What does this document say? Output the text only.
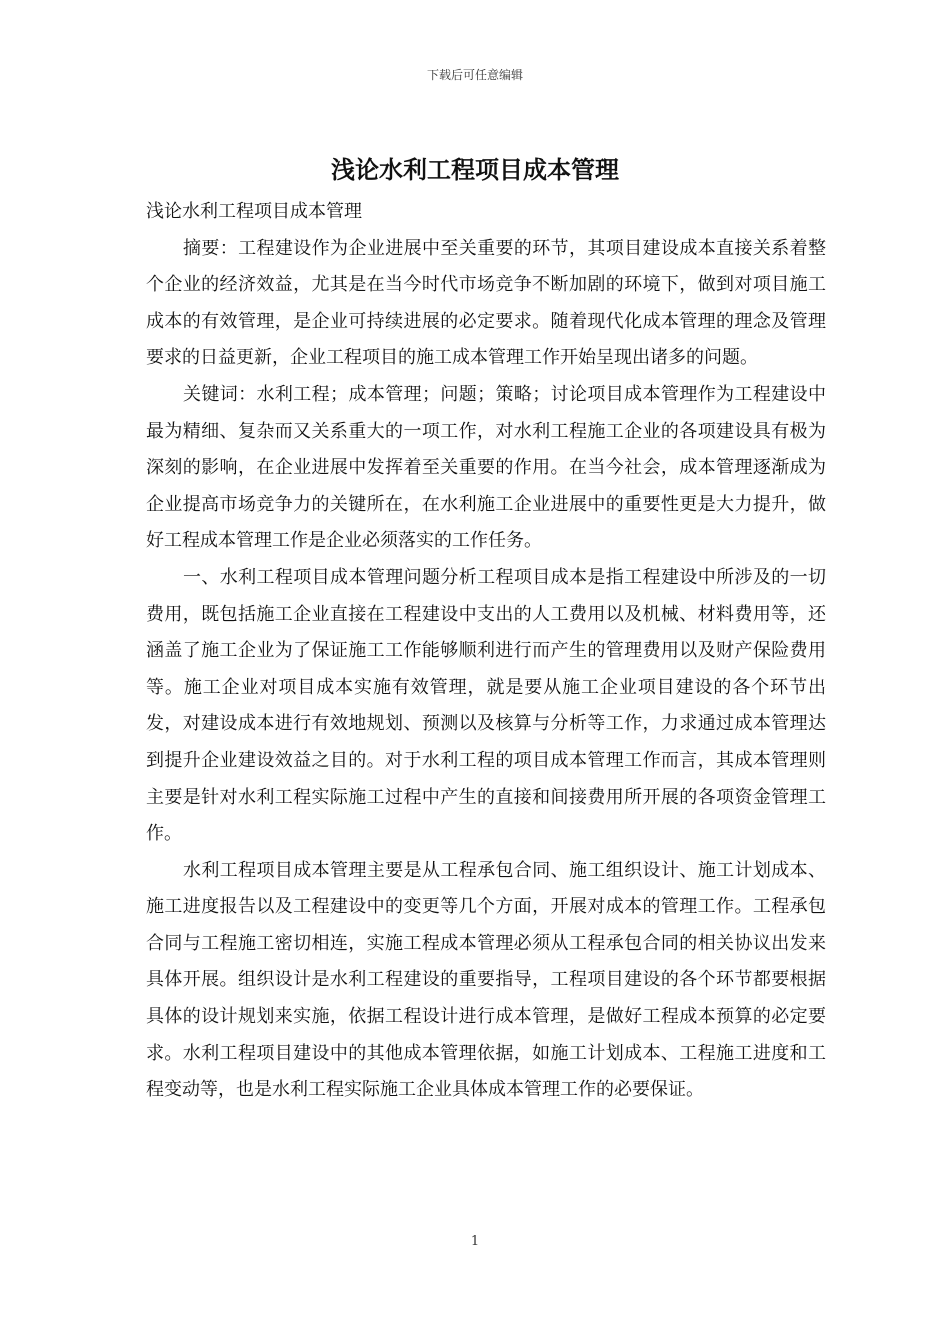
下载后可任意编辑
浅论水利工程项目成本管理

浅论水利工程项目成本管理

摘要：工程建设作为企业进展中至关重要的环节，其项目建设成本直接关系着整个企业的经济效益，尤其是在当今时代市场竞争不断加剧的环境下，做到对项目施工成本的有效管理，是企业可持续进展的必定要求。随着现代化成本管理的理念及管理要求的日益更新，企业工程项目的施工成本管理工作开始呈现出诸多的问题。

关键词：水利工程；成本管理；问题；策略；讨论项目成本管理作为工程建设中最为精细、复杂而又关系重大的一项工作，对水利工程施工企业的各项建设具有极为深刻的影响，在企业进展中发挥着至关重要的作用。在当今社会，成本管理逐渐成为企业提高市场竞争力的关键所在，在水利施工企业进展中的重要性更是大力提升，做好工程成本管理工作是企业必须落实的工作任务。

一、水利工程项目成本管理问题分析工程项目成本是指工程建设中所涉及的一切费用，既包括施工企业直接在工程建设中支出的人工费用以及机械、材料费用等，还涵盖了施工企业为了保证施工工作能够顺利进行而产生的管理费用以及财产保险费用等。施工企业对项目成本实施有效管理，就是要从施工企业项目建设的各个环节出发，对建设成本进行有效地规划、预测以及核算与分析等工作，力求通过成本管理达到提升企业建设效益之目的。对于水利工程的项目成本管理工作而言，其成本管理则主要是针对水利工程实际施工过程中产生的直接和间接费用所开展的各项资金管理工作。

水利工程项目成本管理主要是从工程承包合同、施工组织设计、施工计划成本、施工进度报告以及工程建设中的变更等几个方面，开展对成本的管理工作。工程承包合同与工程施工密切相连，实施工程成本管理必须从工程承包合同的相关协议出发来具体开展。组织设计是水利工程建设的重要指导，工程项目建设的各个环节都要根据具体的设计规划来实施，依据工程设计进行成本管理，是做好工程成本预算的必定要求。水利工程项目建设中的其他成本管理依据，如施工计划成本、工程施工进度和工程变动等，也是水利工程实际施工企业具体成本管理工作的必要保证。

1
